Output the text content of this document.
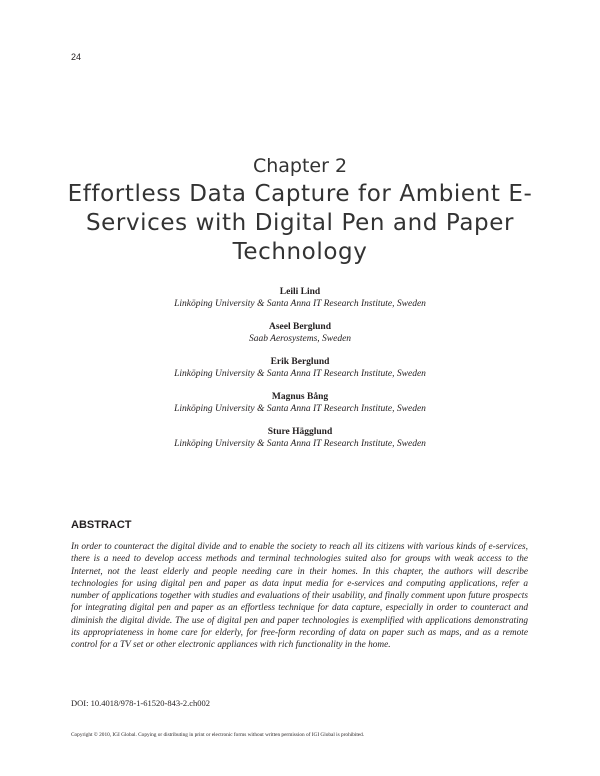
24
Chapter 2
Effortless Data Capture for Ambient E-Services with Digital Pen and Paper Technology
Leili Lind
Linköping University & Santa Anna IT Research Institute, Sweden
Aseel Berglund
Saab Aerosystems, Sweden
Erik Berglund
Linköping University & Santa Anna IT Research Institute, Sweden
Magnus Bång
Linköping University & Santa Anna IT Research Institute, Sweden
Sture Hägglund
Linköping University & Santa Anna IT Research Institute, Sweden
ABSTRACT
In order to counteract the digital divide and to enable the society to reach all its citizens with various kinds of e-services, there is a need to develop access methods and terminal technologies suited also for groups with weak access to the Internet, not the least elderly and people needing care in their homes. In this chapter, the authors will describe technologies for using digital pen and paper as data input media for e-services and computing applications, refer a number of applications together with studies and evaluations of their usability, and finally comment upon future prospects for integrating digital pen and paper as an effortless technique for data capture, especially in order to counteract and diminish the digital divide. The use of digital pen and paper technologies is exemplified with applications demonstrating its appropriateness in home care for elderly, for free-form recording of data on paper such as maps, and as a remote control for a TV set or other electronic appliances with rich functionality in the home.
DOI: 10.4018/978-1-61520-843-2.ch002
Copyright © 2010, IGI Global. Copying or distributing in print or electronic forms without written permission of IGI Global is prohibited.
